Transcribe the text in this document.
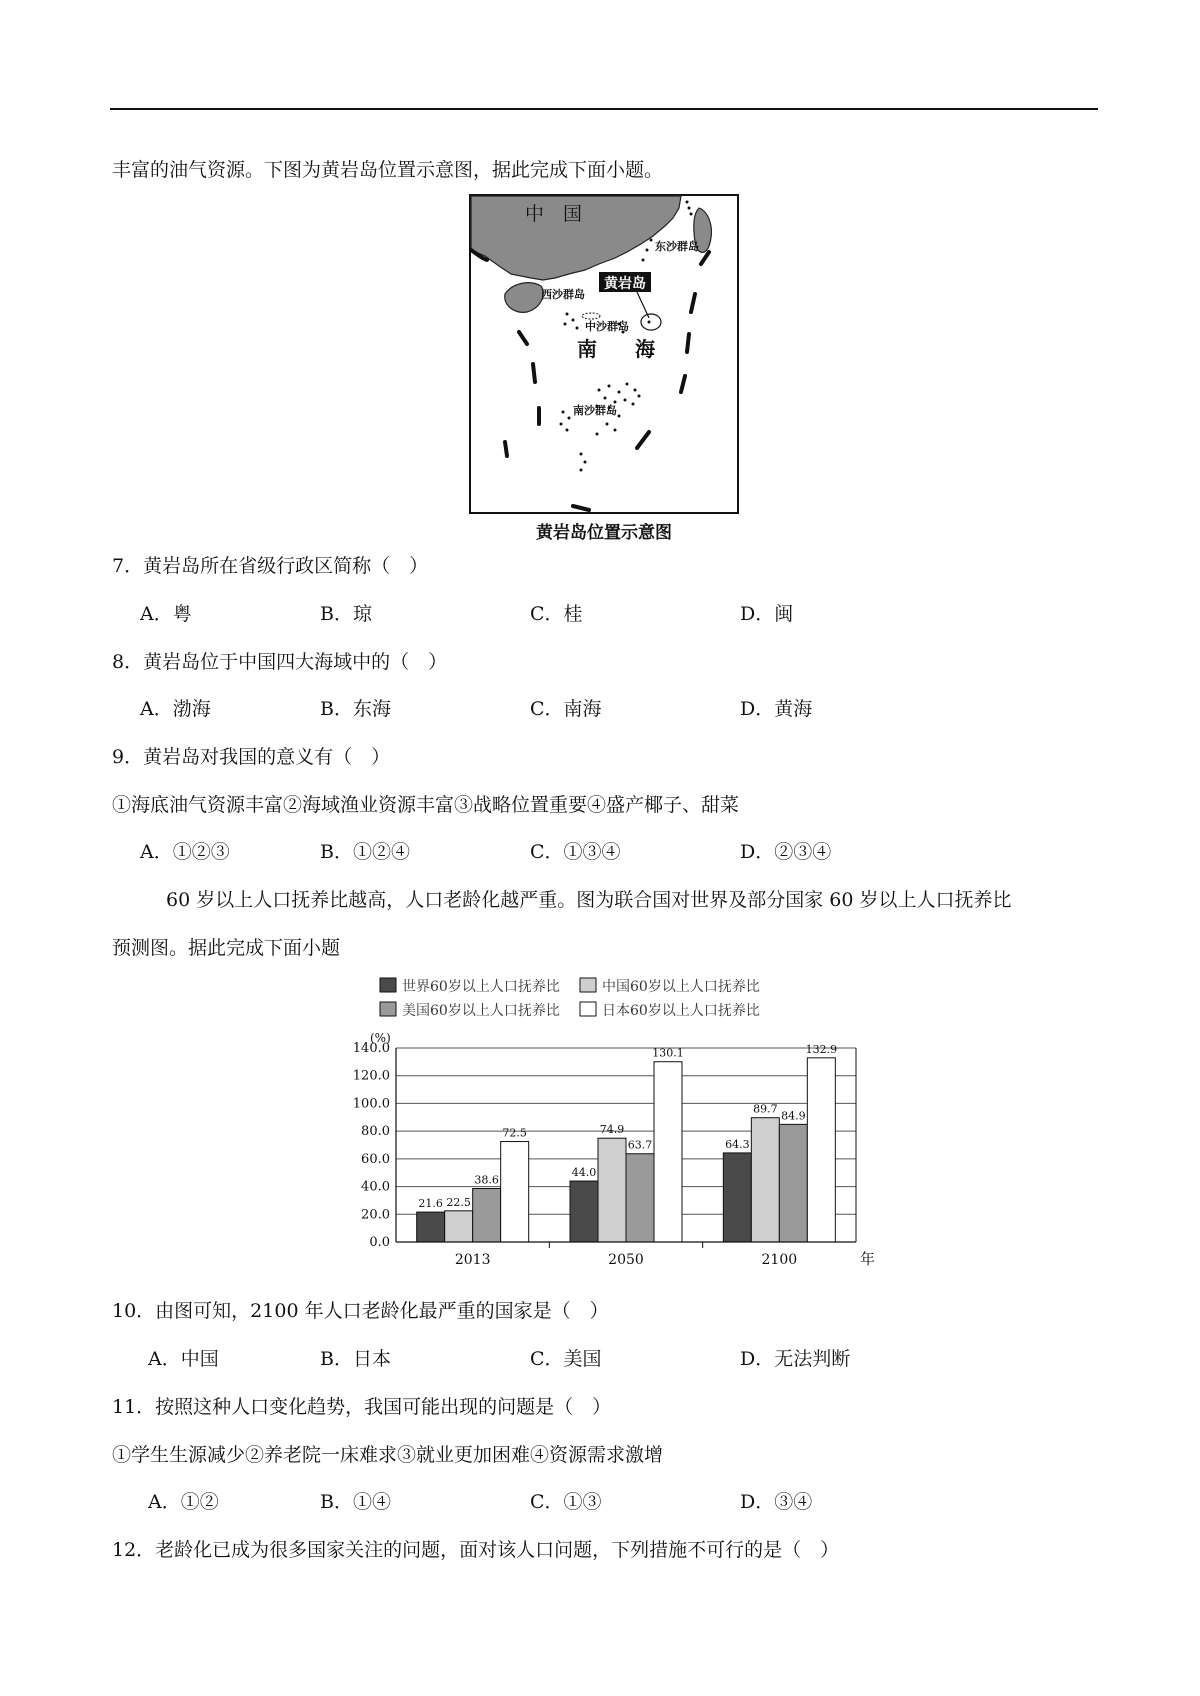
丰富的油气资源。下图为黄岩岛位置示意图，据此完成下面小题。
中　国
东沙群岛
黄岩岛
西沙群岛
中沙群岛
南 海
南沙群岛
黄岩岛位置示意图
7．黄岩岛所在省级行政区简称（　）
A．粤	B．琼	C．桂	D．闽
8．黄岩岛位于中国四大海域中的（　）
A．渤海	B．东海	C．南海	D．黄海
9．黄岩岛对我国的意义有（　）
①海底油气资源丰富②海域渔业资源丰富③战略位置重要④盛产椰子、甜菜
A．①②③	B．①②④	C．①③④	D．②③④
60 岁以上人口抚养比越高，人口老龄化越严重。图为联合国对世界及部分国家 60 岁以上人口抚养比
预测图。据此完成下面小题
世界60岁以上人口抚养比	中国60岁以上人口抚养比
美国60岁以上人口抚养比	日本60岁以上人口抚养比
(%)
0.0
20.0
40.0
60.0
80.0
100.0
120.0
140.0
21.6 22.5
38.6
72.5
2013
44.0
74.9
63.7
130.1
2050
64.3
89.7
84.9
132.9
2100	年
10．由图可知，2100 年人口老龄化最严重的国家是（　）
A．中国	B．日本	C．美国	D．无法判断
11．按照这种人口变化趋势，我国可能出现的问题是（　）
①学生生源减少②养老院一床难求③就业更加困难④资源需求激增
A．①②	B．①④	C．①③	D．③④
12．老龄化已成为很多国家关注的问题，面对该人口问题，下列措施不可行的是（　）
